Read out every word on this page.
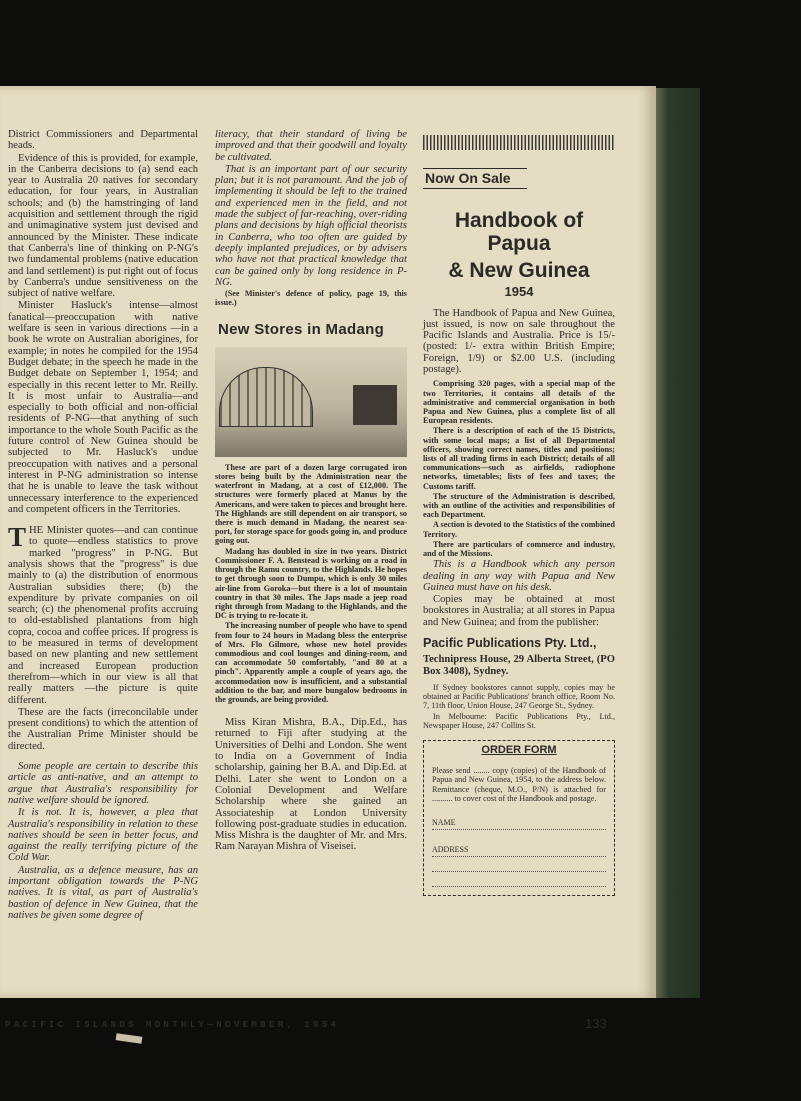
District Commissioners and Departmental heads.

Evidence of this is provided, for example, in the Canberra decisions to (a) send each year to Australia 20 natives for secondary education, for four years, in Australian schools; and (b) the hamstringing of land acquisition and settlement through the rigid and unimaginative system just devised and announced by the Minister. These indicate that Canberra's line of thinking on P-NG's two fundamental problems (native education and land settlement) is put right out of focus by Canberra's undue sensitiveness on the subject of native welfare.

Minister Hasluck's intense—almost fanatical—preoccupation with native welfare is seen in various directions —in a book he wrote on Australian aborigines, for example; in notes he compiled for the 1954 Budget debate; in the speech he made in the Budget debate on September 1, 1954; and especially in this recent letter to Mr. Reilly. It is most unfair to Australia—and especially to both official and non-official residents of P-NG—that anything of such importance to the whole South Pacific as the future control of New Guinea should be subjected to Mr. Hasluck's undue preoccupation with natives and a personal interest in P-NG administration so intense that he is unable to leave the task without unnecessary interference to the experienced and competent officers in the Territories.

THE Minister quotes—and can continue to quote—endless statistics to prove marked "progress" in P-NG. But analysis shows that the "progress" is due mainly to (a) the distribution of enormous Australian subsidies there; (b) the expenditure by private companies on oil search; (c) the phenomenal profits accruing to old-established plantations from high copra, cocoa and coffee prices. If progress is to be measured in terms of development based on new planting and new settlement and increased European production therefrom—which in our view is all that really matters —the picture is quite different.

These are the facts (irreconcilable under present conditions) to which the attention of the Australian Prime Minister should be directed.

Some people are certain to describe this article as anti-native, and an attempt to argue that Australia's responsibility for native welfare should be ignored.

It is not. It is, however, a plea that Australia's responsibility in relation to these natives should be seen in better focus, and against the really terrifying picture of the Cold War.

Australia, as a defence measure, has an important obligation towards the P-NG natives. It is vital, as part of Australia's bastion of defence in New Guinea, that the natives be given some degree of

literacy, that their standard of living be improved and that their goodwill and loyalty be cultivated.

That is an important part of our security plan; but it is not paramount. And the job of implementing it should be left to the trained and experienced men in the field, and not made the subject of far-reaching, over-riding plans and decisions by high official theorists in Canberra, who too often are guided by deeply implanted prejudices, or by advisers who have not that practical knowledge that can be gained only by long residence in P-NG.

(See Minister's defence of policy, page 19, this issue.)

New Stores in Madang

These are part of a dozen large corrugated iron stores being built by the Administration near the waterfront in Madang, at a cost of £12,000. The structures were formerly placed at Manus by the Americans, and were taken to pieces and brought here. The Highlands are still dependent on air transport, so there is much demand in Madang, the nearest sea-port, for storage space for goods going in, and produce going out.

Madang has doubled in size in two years. District Commissioner F. A. Benstead is working on a road in through the Ramu country, to the Highlands. He hopes to get through soon to Dumpu, which is only 30 miles air-line from Goroka—but there is a lot of mountain country in that 30 miles. The Japs made a jeep road right through from Madang to the Highlands, and the DC is trying to re-locate it.

The increasing number of people who have to spend from four to 24 hours in Madang bless the enterprise of Mrs. Flo Gilmore, whose new hotel provides commodious and cool lounges and dining-room, and can accommodate 50 comfortably, "and 80 at a pinch". Apparently ample a couple of years ago, the accommodation now is insufficient, and a substantial addition to the bar, and more bungalow bedrooms in the grounds, are being provided.

Miss Kiran Mishra, B.A., Dip.Ed., has returned to Fiji after studying at the Universities of Delhi and London. She went to India on a Government of India scholarship, gaining her B.A. and Dip.Ed. at Delhi. Later she went to London on a Colonial Development and Welfare Scholarship where she gained an Associateship at London University following post-graduate studies in education. Miss Mishra is the daughter of Mr. and Mrs. Ram Narayan Mishra of Viseisei.

Now On Sale
Handbook of Papua
& New Guinea
1954

The Handbook of Papua and New Guinea, just issued, is now on sale throughout the Pacific Islands and Australia. Price is 15/- (posted: 1/- extra within British Empire; Foreign, 1/9) or $2.00 U.S. (including postage).

Comprising 320 pages, with a special map of the two Territories, it contains all details of the administrative and commercial organisation in both Papua and New Guinea, plus a complete list of all European residents.

There is a description of each of the 15 Districts, with some local maps; a list of all Departmental officers, showing correct names, titles and positions; lists of all trading firms in each District; details of all communications—such as airfields, radiophone networks, timetables; lists of fees and taxes; the Customs tariff.

The structure of the Administration is described, with an outline of the activities and responsibilities of each Department.

A section is devoted to the Statistics of the combined Territory.

There are particulars of commerce and industry, and of the Missions.

This is a Handbook which any person dealing in any way with Papua and New Guinea must have on his desk.

Copies may be obtained at most bookstores in Australia; at all stores in Papua and New Guinea; and from the publisher:

Pacific Publications Pty. Ltd.,

Technipress House, 29 Alberta Street, (PO Box 3408), Sydney.

If Sydney bookstores cannot supply, copies may be obtained at Pacific Publications' branch office, Room No. 7, 11th floor, Union House, 247 George St., Sydney.

In Melbourne: Pacific Publications Pty., Ltd., Newspaper House, 247 Collins St.

ORDER FORM

Please send ........ copy (copies) of the Handbook of Papua and New Guinea, 1954, to the address below. Remittance (cheque, M.O., P/N) is attached for .......... to cover cost of the Handbook and postage.

NAME
ADDRESS
PACIFIC ISLANDS MONTHLY—NOVEMBER, 1954	133
